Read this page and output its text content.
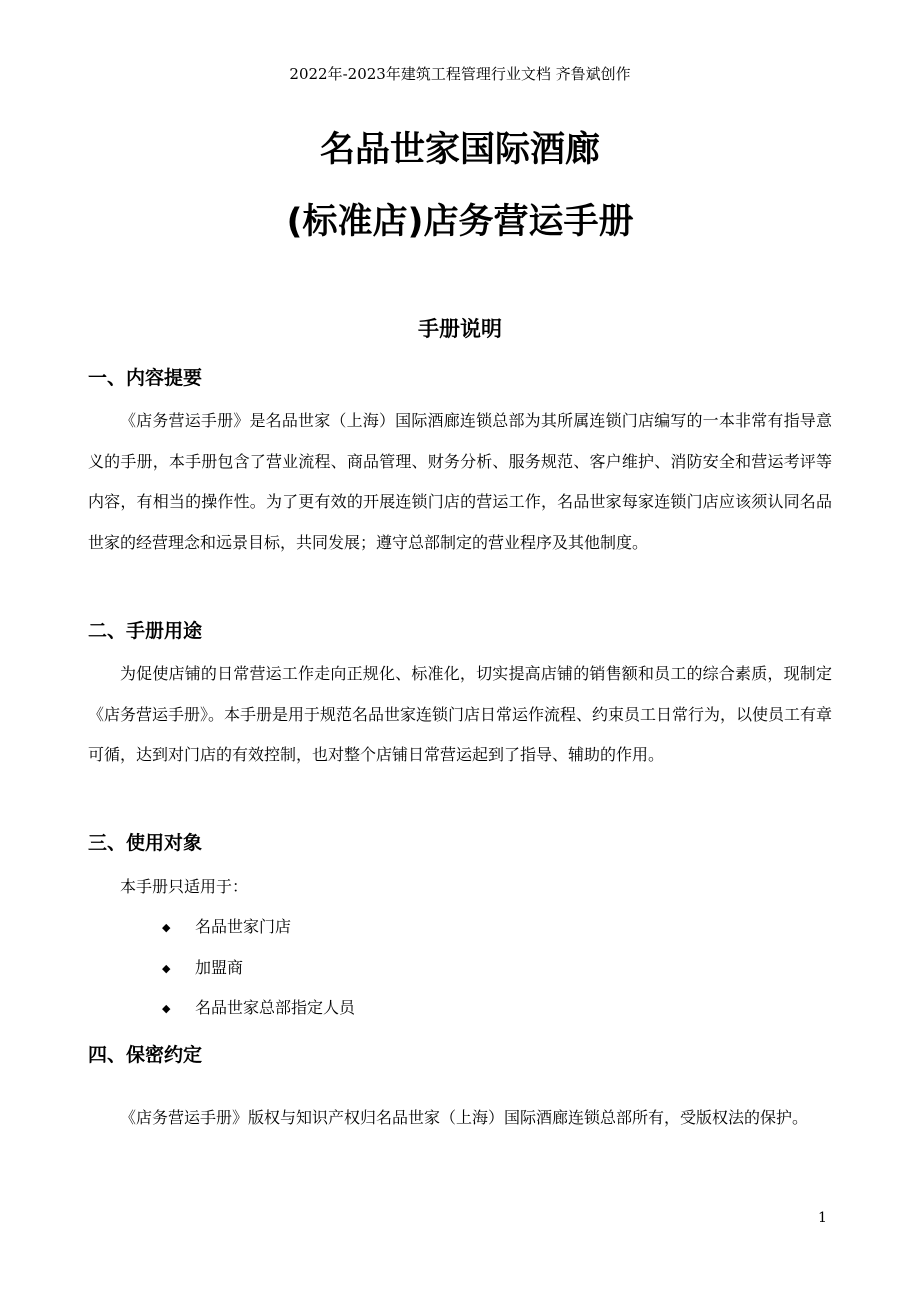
2022年-2023年建筑工程管理行业文档 齐鲁斌创作
名品世家国际酒廊
(标准店)店务营运手册
手册说明
一、内容提要
《店务营运手册》是名品世家（上海）国际酒廊连锁总部为其所属连锁门店编写的一本非常有指导意义的手册，本手册包含了营业流程、商品管理、财务分析、服务规范、客户维护、消防安全和营运考评等内容，有相当的操作性。为了更有效的开展连锁门店的营运工作，名品世家每家连锁门店应该须认同名品世家的经营理念和远景目标，共同发展；遵守总部制定的营业程序及其他制度。
二、手册用途
为促使店铺的日常营运工作走向正规化、标准化，切实提高店铺的销售额和员工的综合素质，现制定《店务营运手册》。本手册是用于规范名品世家连锁门店日常运作流程、约束员工日常行为，以使员工有章可循，达到对门店的有效控制，也对整个店铺日常营运起到了指导、辅助的作用。
三、使用对象
本手册只适用于：
◆ 名品世家门店
◆ 加盟商
◆ 名品世家总部指定人员
四、保密约定
《店务营运手册》版权与知识产权归名品世家（上海）国际酒廊连锁总部所有，受版权法的保护。
1
